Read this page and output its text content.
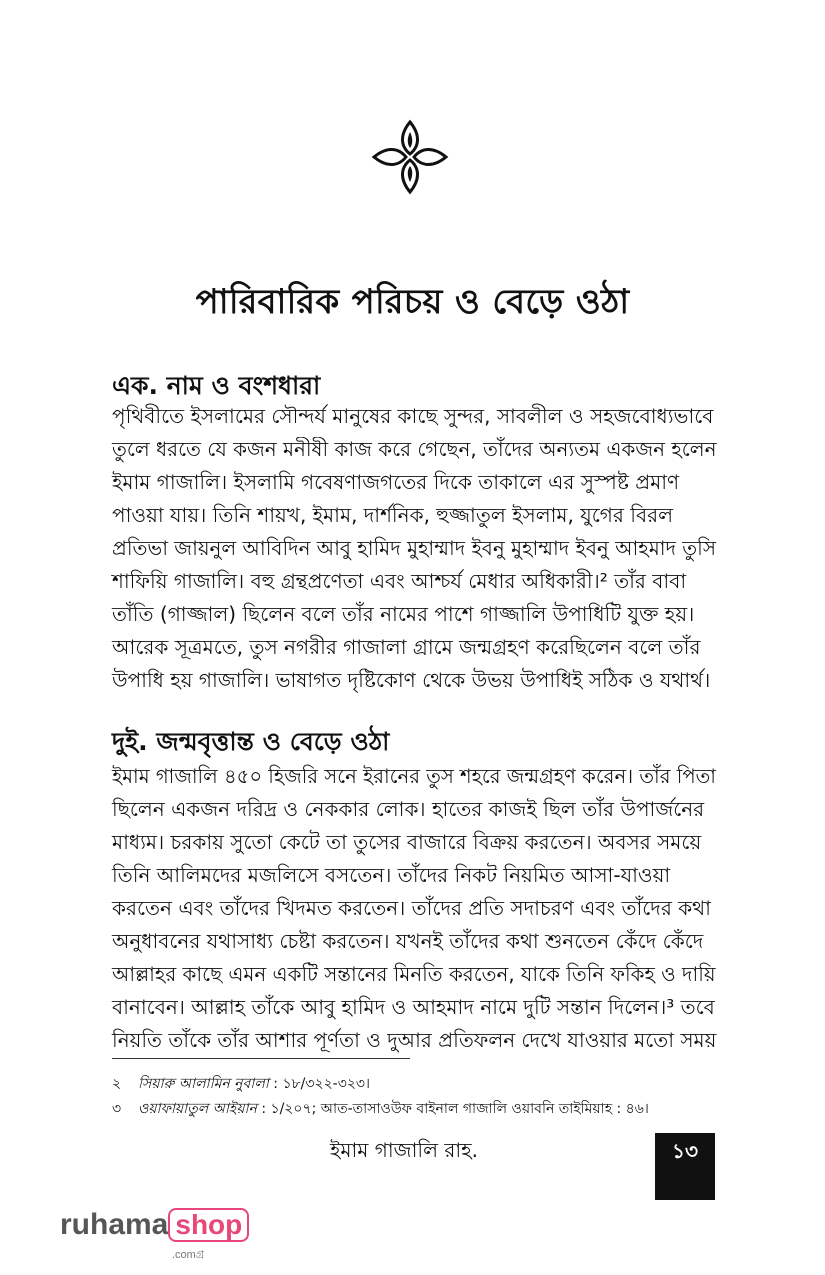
পারিবারিক পরিচয় ও বেড়ে ওঠা
এক. নাম ও বংশধারা
পৃথিবীতে ইসলামের সৌন্দর্য মানুষের কাছে সুন্দর, সাবলীল ও সহজবোধ্যভাবে
তুলে ধরতে যে কজন মনীষী কাজ করে গেছেন, তাঁদের অন্যতম একজন হলেন
ইমাম গাজালি। ইসলামি গবেষণাজগতের দিকে তাকালে এর সুস্পষ্ট প্রমাণ
পাওয়া যায়। তিনি শায়খ, ইমাম, দার্শনিক, হুজ্জাতুল ইসলাম, যুগের বিরল
প্রতিভা জায়নুল আবিদিন আবু হামিদ মুহাম্মাদ ইবনু মুহাম্মাদ ইবনু আহমাদ তুসি
শাফিয়ি গাজালি। বহু গ্রন্থপ্রণেতা এবং আশ্চর্য মেধার অধিকারী।² তাঁর বাবা
তাঁতি (গাজ্জাল) ছিলেন বলে তাঁর নামের পাশে গাজ্জালি উপাধিটি যুক্ত হয়।
আরেক সূত্রমতে, তুস নগরীর গাজালা গ্রামে জন্মগ্রহণ করেছিলেন বলে তাঁর
উপাধি হয় গাজালি। ভাষাগত দৃষ্টিকোণ থেকে উভয় উপাধিই সঠিক ও যথার্থ।
দুই. জন্মবৃত্তান্ত ও বেড়ে ওঠা
ইমাম গাজালি ৪৫০ হিজরি সনে ইরানের তুস শহরে জন্মগ্রহণ করেন। তাঁর পিতা
ছিলেন একজন দরিদ্র ও নেককার লোক। হাতের কাজই ছিল তাঁর উপার্জনের
মাধ্যম। চরকায় সুতো কেটে তা তুসের বাজারে বিক্রয় করতেন। অবসর সময়ে
তিনি আলিমদের মজলিসে বসতেন। তাঁদের নিকট নিয়মিত আসা-যাওয়া
করতেন এবং তাঁদের খিদমত করতেন। তাঁদের প্রতি সদাচরণ এবং তাঁদের কথা
অনুধাবনের যথাসাধ্য চেষ্টা করতেন। যখনই তাঁদের কথা শুনতেন কেঁদে কেঁদে
আল্লাহর কাছে এমন একটি সন্তানের মিনতি করতেন, যাকে তিনি ফকিহ ও দায়ি
বানাবেন। আল্লাহ তাঁকে আবু হামিদ ও আহমাদ নামে দুটি সন্তান দিলেন।³ তবে
নিয়তি তাঁকে তাঁর আশার পূর্ণতা ও দুআর প্রতিফলন দেখে যাওয়ার মতো সময়

২ সিয়ারু আলামিন নুবালা : ১৮/৩২২-৩২৩।

৩ ওয়াফায়াতুল আইয়ান : ১/২০৭; আত-তাসাওউফ বাইনাল গাজালি ওয়াবনি তাইমিয়াহ : ৪৬।

ইমাম গাজালি রাহ.	১৩
ruhama shop
.comগ্র
